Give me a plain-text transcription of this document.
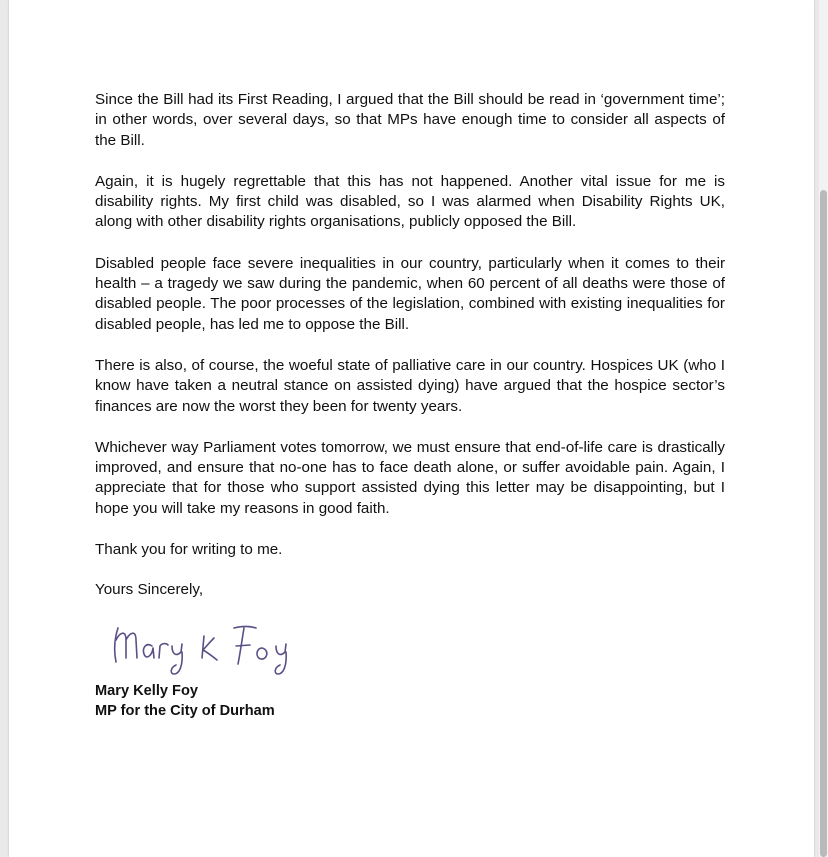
Since the Bill had its First Reading, I argued that the Bill should be read in ‘government time’; in other words, over several days, so that MPs have enough time to consider all aspects of the Bill.

Again, it is hugely regrettable that this has not happened. Another vital issue for me is disability rights. My first child was disabled, so I was alarmed when Disability Rights UK, along with other disability rights organisations, publicly opposed the Bill.

Disabled people face severe inequalities in our country, particularly when it comes to their health – a tragedy we saw during the pandemic, when 60 percent of all deaths were those of disabled people. The poor processes of the legislation, combined with existing inequalities for disabled people, has led me to oppose the Bill.

There is also, of course, the woeful state of palliative care in our country. Hospices UK (who I know have taken a neutral stance on assisted dying) have argued that the hospice sector’s finances are now the worst they been for twenty years.

Whichever way Parliament votes tomorrow, we must ensure that end-of-life care is drastically improved, and ensure that no-one has to face death alone, or suffer avoidable pain. Again, I appreciate that for those who support assisted dying this letter may be disappointing, but I hope you will take my reasons in good faith.

Thank you for writing to me.

Yours Sincerely,

Mary Kelly Foy
MP for the City of Durham
